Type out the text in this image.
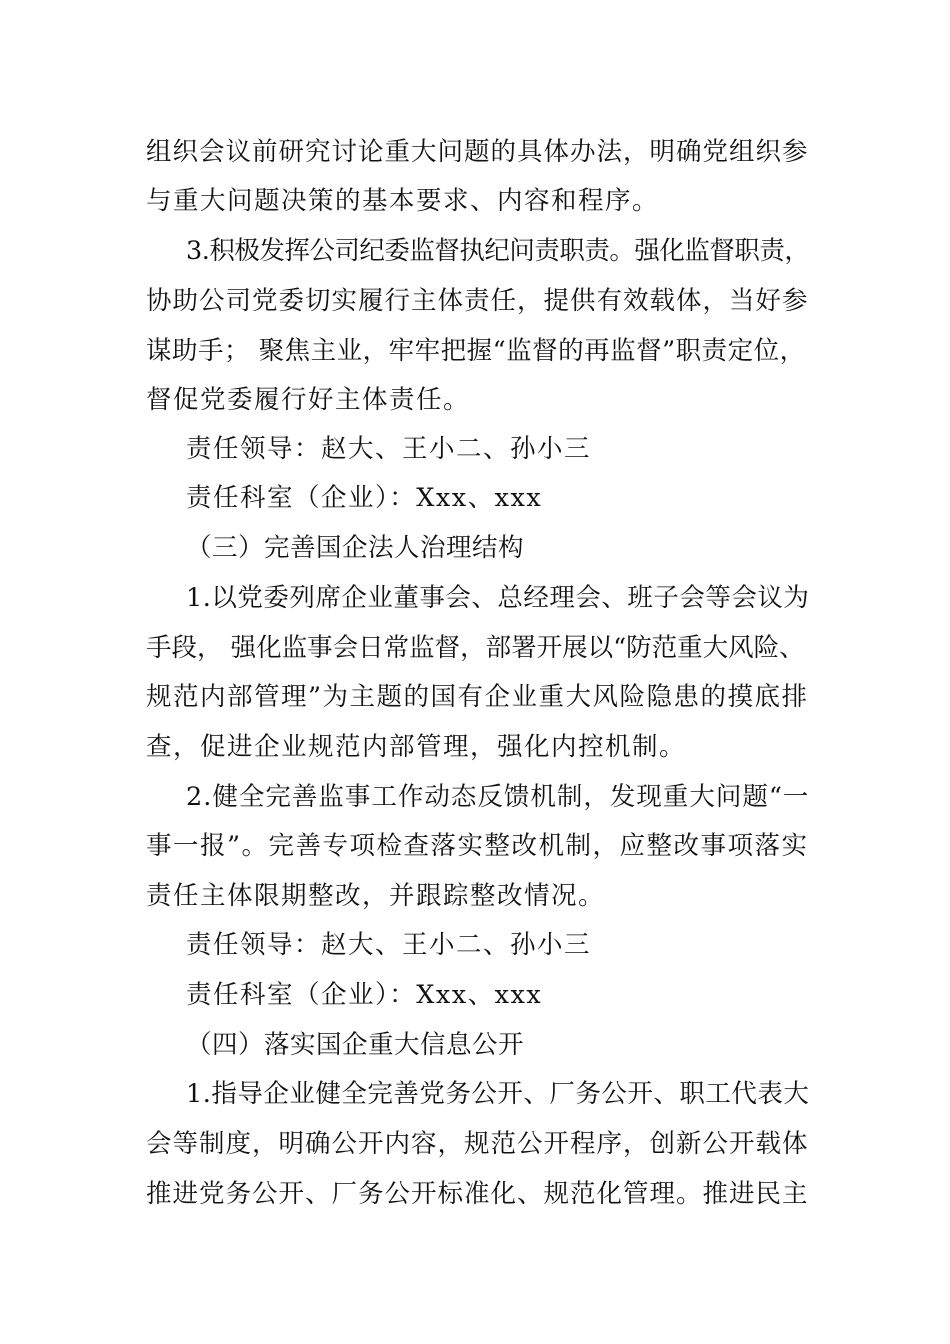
组织会议前研究讨论重大问题的具体办法，明确党组织参
与重大问题决策的基本要求、内容和程序。
3.积极发挥公司纪委监督执纪问责职责。强化监督职责，
协助公司党委切实履行主体责任，提供有效载体，当好参
谋助手； 聚焦主业，牢牢把握“监督的再监督”职责定位，
督促党委履行好主体责任。
责任领导：赵大、王小二、孙小三
责任科室（企业）：Xxx、xxx
（三）完善国企法人治理结构
1.以党委列席企业董事会、总经理会、班子会等会议为
手段， 强化监事会日常监督，部署开展以“防范重大风险、
规范内部管理”为主题的国有企业重大风险隐患的摸底排
查，促进企业规范内部管理，强化内控机制。
2.健全完善监事工作动态反馈机制，发现重大问题“一
事一报”。完善专项检查落实整改机制，应整改事项落实
责任主体限期整改，并跟踪整改情况。
责任领导：赵大、王小二、孙小三
责任科室（企业）：Xxx、xxx
（四）落实国企重大信息公开
1.指导企业健全完善党务公开、厂务公开、职工代表大
会等制度，明确公开内容，规范公开程序，创新公开载体
推进党务公开、厂务公开标准化、规范化管理。推进民主
